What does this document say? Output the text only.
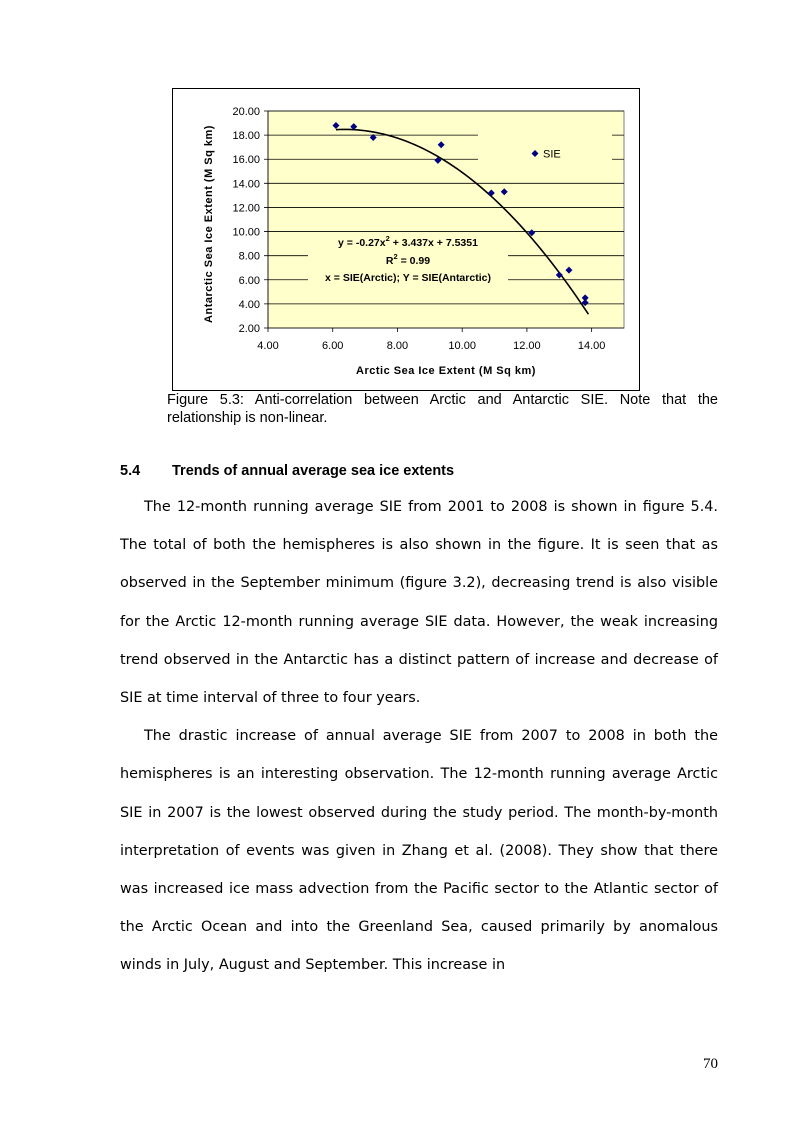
2.00
4.00
6.00
8.00
10.00
12.00
14.00
16.00
18.00
20.00
4.00	6.00	8.00	10.00	12.00	14.00
Arctic Sea Ice Extent (M Sq km)
Antarctic Sea Ice Extent (M Sq km)	SIE
$y = -0.27x^2 + 3.437x + 7.5351$
$R^2 = 0.99$
x = SIE(Arctic); Y = SIE(Antarctic)
Figure 5.3: Anti-correlation between Arctic and Antarctic SIE. Note that the relationship is non-linear.
5.4 Trends of annual average sea ice extents

The 12-month running average SIE from 2001 to 2008 is shown in figure 5.4. The total of both the hemispheres is also shown in the figure. It is seen that as observed in the September minimum (figure 3.2), decreasing trend is also visible for the Arctic 12-month running average SIE data. However, the weak increasing trend observed in the Antarctic has a distinct pattern of increase and decrease of SIE at time interval of three to four years.

The drastic increase of annual average SIE from 2007 to 2008 in both the hemispheres is an interesting observation. The 12-month running average Arctic SIE in 2007 is the lowest observed during the study period. The month-by-month interpretation of events was given in Zhang et al. (2008). They show that there was increased ice mass advection from the Pacific sector to the Atlantic sector of the Arctic Ocean and into the Greenland Sea, caused primarily by anomalous winds in July, August and September. This increase in

70
